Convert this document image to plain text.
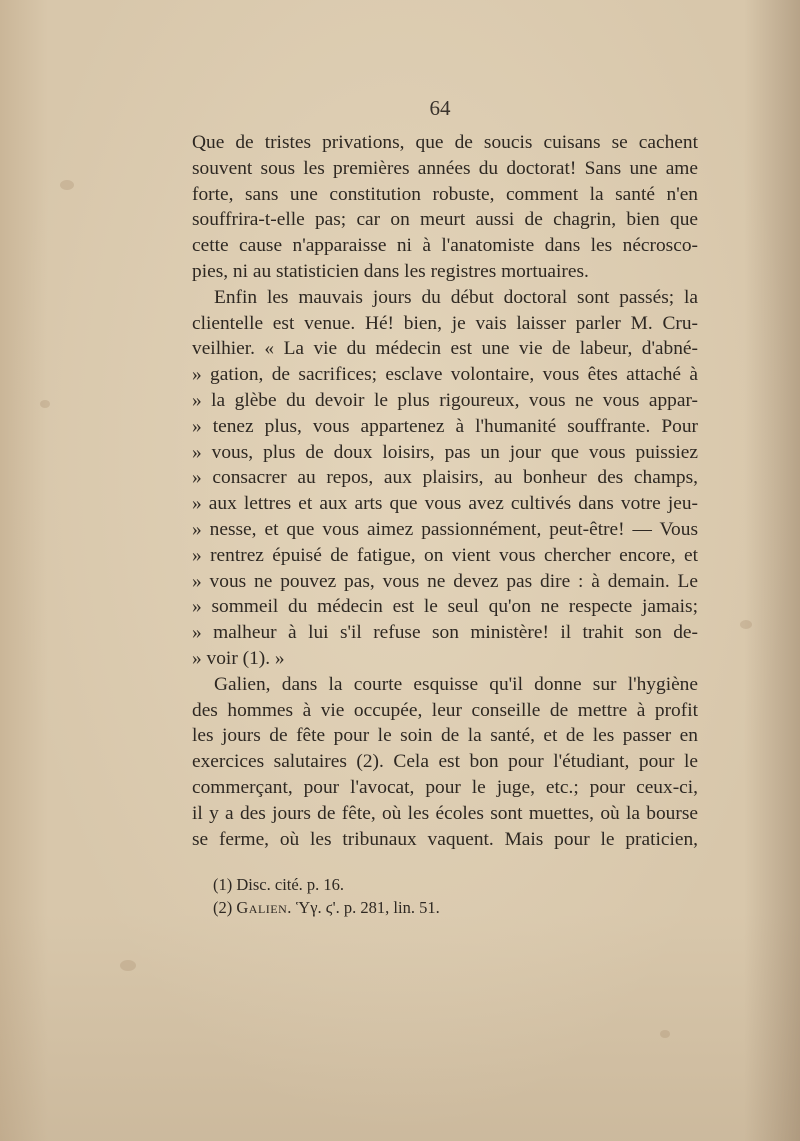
64
Que de tristes privations, que de soucis cuisans se cachent
souvent sous les premières années du doctorat! Sans une ame
forte, sans une constitution robuste, comment la santé n'en
souffrira-t-elle pas; car on meurt aussi de chagrin, bien que
cette cause n'apparaisse ni à l'anatomiste dans les nécrosco-
pies, ni au statisticien dans les registres mortuaires.
Enfin les mauvais jours du début doctoral sont passés; la
clientelle est venue. Hé! bien, je vais laisser parler M. Cru-
veilhier. « La vie du médecin est une vie de labeur, d'abné-
» gation, de sacrifices; esclave volontaire, vous êtes attaché à
» la glèbe du devoir le plus rigoureux, vous ne vous appar-
» tenez plus, vous appartenez à l'humanité souffrante. Pour
» vous, plus de doux loisirs, pas un jour que vous puissiez
» consacrer au repos, aux plaisirs, au bonheur des champs,
» aux lettres et aux arts que vous avez cultivés dans votre jeu-
» nesse, et que vous aimez passionnément, peut-être! — Vous
» rentrez épuisé de fatigue, on vient vous chercher encore, et
» vous ne pouvez pas, vous ne devez pas dire : à demain. Le
» sommeil du médecin est le seul qu'on ne respecte jamais;
» malheur à lui s'il refuse son ministère! il trahit son de-
» voir (1). »
Galien, dans la courte esquisse qu'il donne sur l'hygiène
des hommes à vie occupée, leur conseille de mettre à profit
les jours de fête pour le soin de la santé, et de les passer en
exercices salutaires (2). Cela est bon pour l'étudiant, pour le
commerçant, pour l'avocat, pour le juge, etc.; pour ceux-ci,
il y a des jours de fête, où les écoles sont muettes, où la bourse
se ferme, où les tribunaux vaquent. Mais pour le praticien,
(1) Disc. cité. p. 16.
(2) Galien. Ὑγ. ϛ'. p. 281, lin. 51.
